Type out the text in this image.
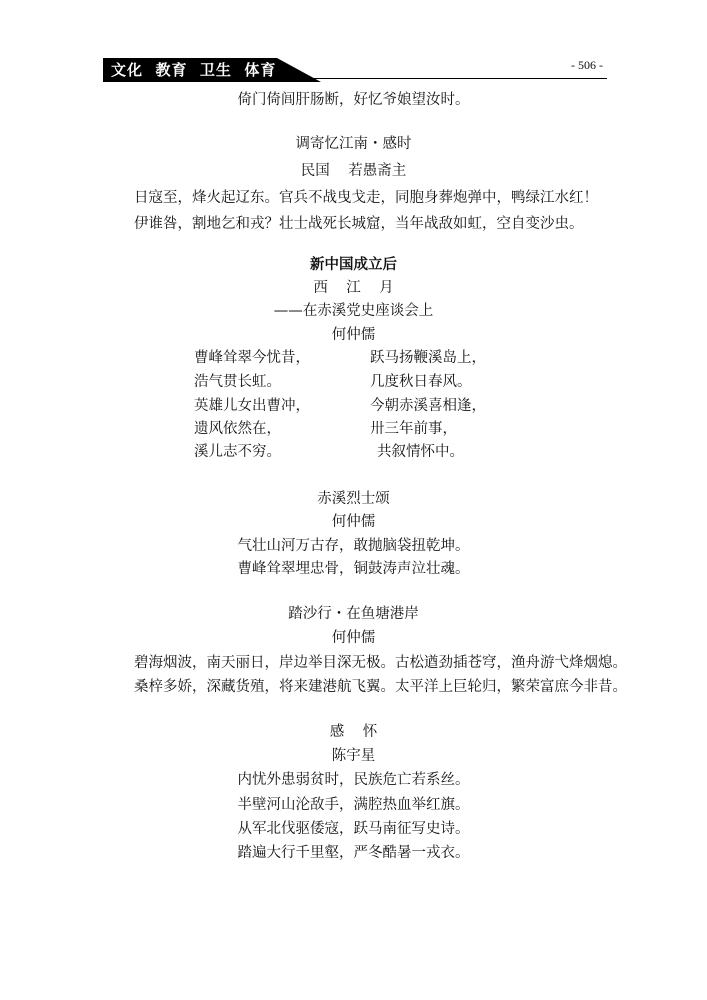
文化  教育  卫生  体育	- 506 -
倚门倚闾肝肠断，好忆爷娘望汝时。
调寄忆江南・感时
民国    若愚斋主
日寇至，烽火起辽东。官兵不战曳戈走，同胞身葬炮弹中，鸭绿江水红！
伊谁咎，割地乞和戎？壮士战死长城窟，当年战敌如虹，空自变沙虫。
新中国成立后
西    江    月
——在赤溪党史座谈会上
何仲儒
曹峰耸翠今忧昔，
浩气贯长虹。
英雄儿女出曹冲，
遗风依然在，
溪儿志不穷。
跃马扬鞭溪岛上，
几度秋日春风。
今朝赤溪喜相逢，
卅三年前事，
共叙情怀中。
赤溪烈士颂
何仲儒
气壮山河万古存，敢抛脑袋扭乾坤。
曹峰耸翠埋忠骨，铜鼓涛声泣壮魂。
踏沙行・在鱼塘港岸
何仲儒
碧海烟波，南天丽日，岸边举目深无极。古松遒劲插苍穹，渔舟游弋烽烟熄。
桑梓多娇，深藏货殖，将来建港航飞翼。太平洋上巨轮归，繁荣富庶今非昔。
感    怀
陈宇星
内忧外患弱贫时，民族危亡若系丝。
半壁河山沦敌手，满腔热血举红旗。
从军北伐驱倭寇，跃马南征写史诗。
踏遍大行千里壑，严冬酷暑一戎衣。
